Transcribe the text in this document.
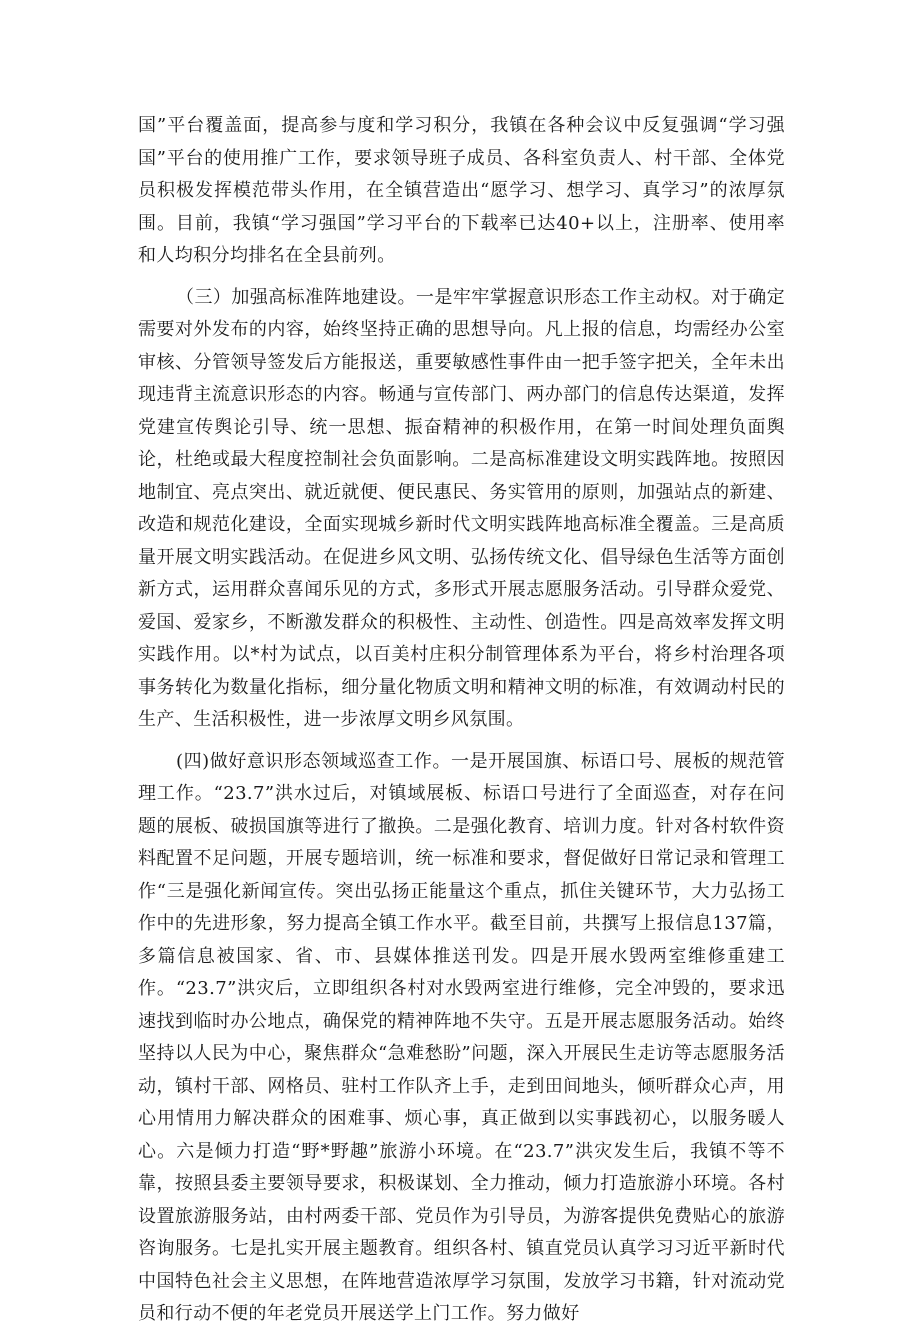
国”平台覆盖面，提高参与度和学习积分，我镇在各种会议中反复强调“学习强国”平台的使用推广工作，要求领导班子成员、各科室负责人、村干部、全体党员积极发挥模范带头作用，在全镇营造出“愿学习、想学习、真学习”的浓厚氛围。目前，我镇“学习强国”学习平台的下载率已达40+以上，注册率、使用率和人均积分均排名在全县前列。

（三）加强高标准阵地建设。一是牢牢掌握意识形态工作主动权。对于确定需要对外发布的内容，始终坚持正确的思想导向。凡上报的信息，均需经办公室审核、分管领导签发后方能报送，重要敏感性事件由一把手签字把关，全年未出现违背主流意识形态的内容。畅通与宣传部门、两办部门的信息传达渠道，发挥党建宣传舆论引导、统一思想、振奋精神的积极作用，在第一时间处理负面舆论，杜绝或最大程度控制社会负面影响。二是高标准建设文明实践阵地。按照因地制宜、亮点突出、就近就便、便民惠民、务实管用的原则，加强站点的新建、改造和规范化建设，全面实现城乡新时代文明实践阵地高标准全覆盖。三是高质量开展文明实践活动。在促进乡风文明、弘扬传统文化、倡导绿色生活等方面创新方式，运用群众喜闻乐见的方式，多形式开展志愿服务活动。引导群众爱党、爱国、爱家乡，不断激发群众的积极性、主动性、创造性。四是高效率发挥文明实践作用。以*村为试点，以百美村庄积分制管理体系为平台，将乡村治理各项事务转化为数量化指标，细分量化物质文明和精神文明的标准，有效调动村民的生产、生活积极性，进一步浓厚文明乡风氛围。

(四)做好意识形态领域巡查工作。一是开展国旗、标语口号、展板的规范管理工作。“23.7”洪水过后，对镇域展板、标语口号进行了全面巡查，对存在问题的展板、破损国旗等进行了撤换。二是强化教育、培训力度。针对各村软件资料配置不足问题，开展专题培训，统一标准和要求，督促做好日常记录和管理工作“三是强化新闻宣传。突出弘扬正能量这个重点，抓住关键环节，大力弘扬工作中的先进形象，努力提高全镇工作水平。截至目前，共撰写上报信息137篇，多篇信息被国家、省、市、县媒体推送刊发。四是开展水毁两室维修重建工作。“23.7”洪灾后，立即组织各村对水毁两室进行维修，完全冲毁的，要求迅速找到临时办公地点，确保党的精神阵地不失守。五是开展志愿服务活动。始终坚持以人民为中心，聚焦群众“急难愁盼”问题，深入开展民生走访等志愿服务活动，镇村干部、网格员、驻村工作队齐上手，走到田间地头，倾听群众心声，用心用情用力解决群众的困难事、烦心事，真正做到以实事践初心，以服务暖人心。六是倾力打造“野*野趣”旅游小环境。在“23.7”洪灾发生后，我镇不等不靠，按照县委主要领导要求，积极谋划、全力推动，倾力打造旅游小环境。各村设置旅游服务站，由村两委干部、党员作为引导员，为游客提供免费贴心的旅游咨询服务。七是扎实开展主题教育。组织各村、镇直党员认真学习习近平新时代中国特色社会主义思想，在阵地营造浓厚学习氛围，发放学习书籍，针对流动党员和行动不便的年老党员开展送学上门工作。努力做好
